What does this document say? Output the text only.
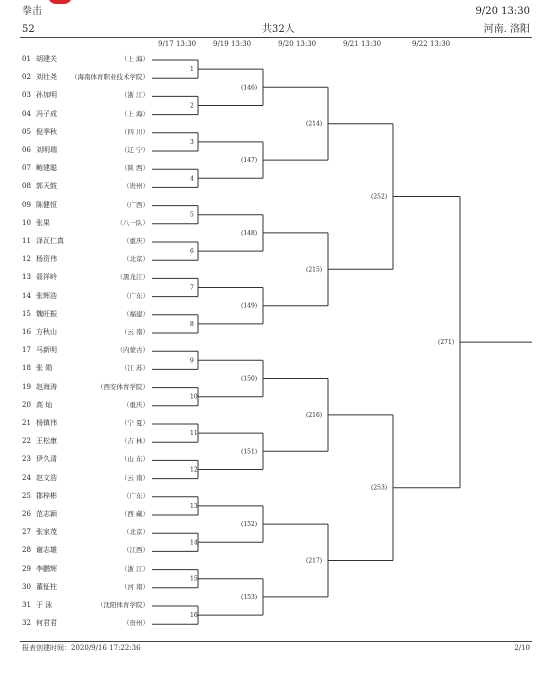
拳击	9/20 13:30
52	共32人	河南. 洛阳
9/17 13:30 9/19 13:30	9/20 13:30	9/21 13:30	9/22 13:30
01 胡建关	（上 海）
02 刘壮尧 （海南体育职业技术学院）
03 孙加明	（浙 江）
04 冯子成	（上 海）
05 倪季秋	（四 川）
06 刘明瑞	（辽 宁）
07 鲍建聪	（陕 西）
08 郭天鼓	（贵州）
09 陈健恒	（广西）
10 张果	（八一队）
11 泽瓦仁真	（重庆）
12 杨资伟	（北京）
13 聂祥岭	（黑龙江）
14 张辉浩	（广东）
15 魏旺振	（福建）
16 方秋山	（云 南）
17 马新明	（内蒙古）
18 张 勋	（江 苏）
19 赵海涛	（西安体育学院）
20 高 灿	（重庆）
21 杨镇伟	（宁 夏）
22 王松康	（吉 林）
23 伊久清	（山 东）
24 赵文浩	（云 南）
25 郡梓彬	（广东）
26 范志颖	（西 藏）
27 张家茂	（北京）
28 谢志雄	（江西）
29 李鹏辉	（浙 江）
30 董钲柱	（河 南）
31 于 泳	（沈阳体育学院）
32 何君君	（贵州）
1
2
3
4
5
6
7
8
9
10
11
12
13
14
15
16
(146)
(147)
(148)
(149)
(150)
(151)
(152)
(153)
(214)
(215)
(216)
(217)
(252)
(253)
(271)
报表创建时间：2020/9/16 17:22:36	2/10
